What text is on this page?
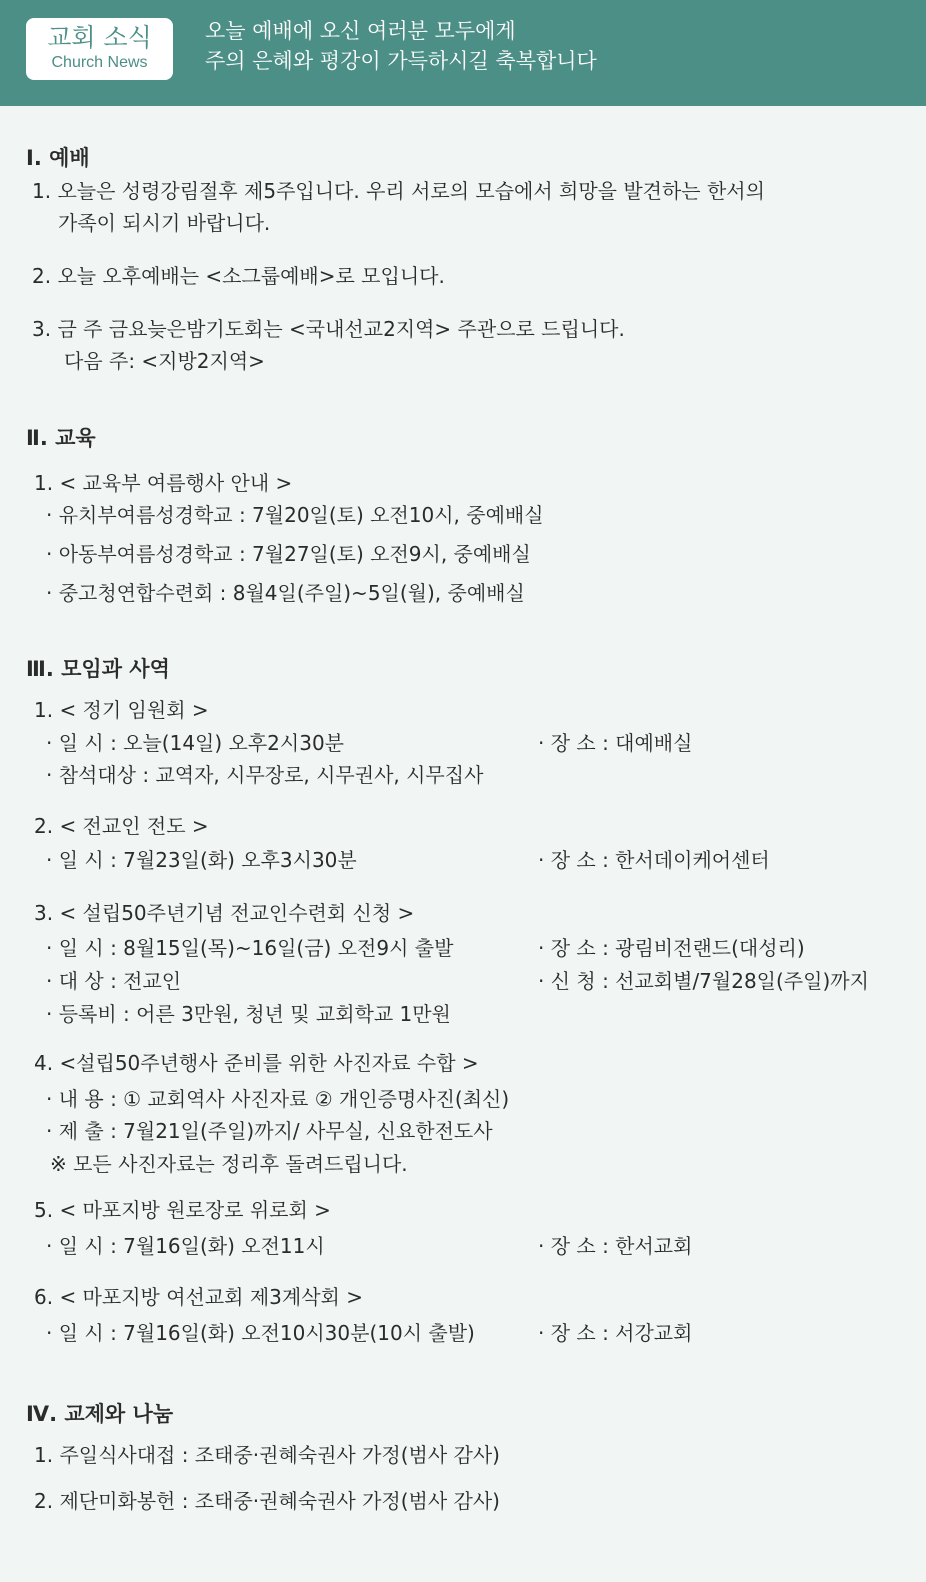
교회 소식
Church News
오늘 예배에 오신 여러분 모두에게
주의 은혜와 평강이 가득하시길 축복합니다
Ⅰ. 예배
1. 오늘은 성령강림절후 제5주입니다. 우리 서로의 모습에서 희망을 발견하는 한서의
가족이 되시기 바랍니다.
2. 오늘 오후예배는 <소그룹예배>로 모입니다.
3. 금 주 금요늦은밤기도회는 <국내선교2지역> 주관으로 드립니다.
다음 주: <지방2지역>
Ⅱ. 교육
1. < 교육부 여름행사 안내 >
· 유치부여름성경학교 : 7월20일(토) 오전10시, 중예배실
· 아동부여름성경학교 : 7월27일(토) 오전9시, 중예배실
· 중고청연합수련회 : 8월4일(주일)~5일(월), 중예배실
Ⅲ. 모임과 사역
1. < 정기 임원회 >
· 일 시 : 오늘(14일) 오후2시30분	· 장 소 : 대예배실
· 참석대상 : 교역자, 시무장로, 시무권사, 시무집사
2. < 전교인 전도 >
· 일 시 : 7월23일(화) 오후3시30분	· 장 소 : 한서데이케어센터
3. < 설립50주년기념 전교인수련회 신청 >
· 일 시 : 8월15일(목)~16일(금) 오전9시 출발	· 장 소 : 광림비전랜드(대성리)
· 대 상 : 전교인	· 신 청 : 선교회별/7월28일(주일)까지
· 등록비 : 어른 3만원, 청년 및 교회학교 1만원
4. <설립50주년행사 준비를 위한 사진자료 수합 >
· 내 용 : ① 교회역사 사진자료 ② 개인증명사진(최신)
· 제 출 : 7월21일(주일)까지/ 사무실, 신요한전도사
※ 모든 사진자료는 정리후 돌려드립니다.
5. < 마포지방 원로장로 위로회 >
· 일 시 : 7월16일(화) 오전11시	· 장 소 : 한서교회
6. < 마포지방 여선교회 제3계삭회 >
· 일 시 : 7월16일(화) 오전10시30분(10시 출발)	· 장 소 : 서강교회
Ⅳ. 교제와 나눔
1. 주일식사대접 : 조태중·권혜숙권사 가정(범사 감사)
2. 제단미화봉헌 : 조태중·권혜숙권사 가정(범사 감사)
